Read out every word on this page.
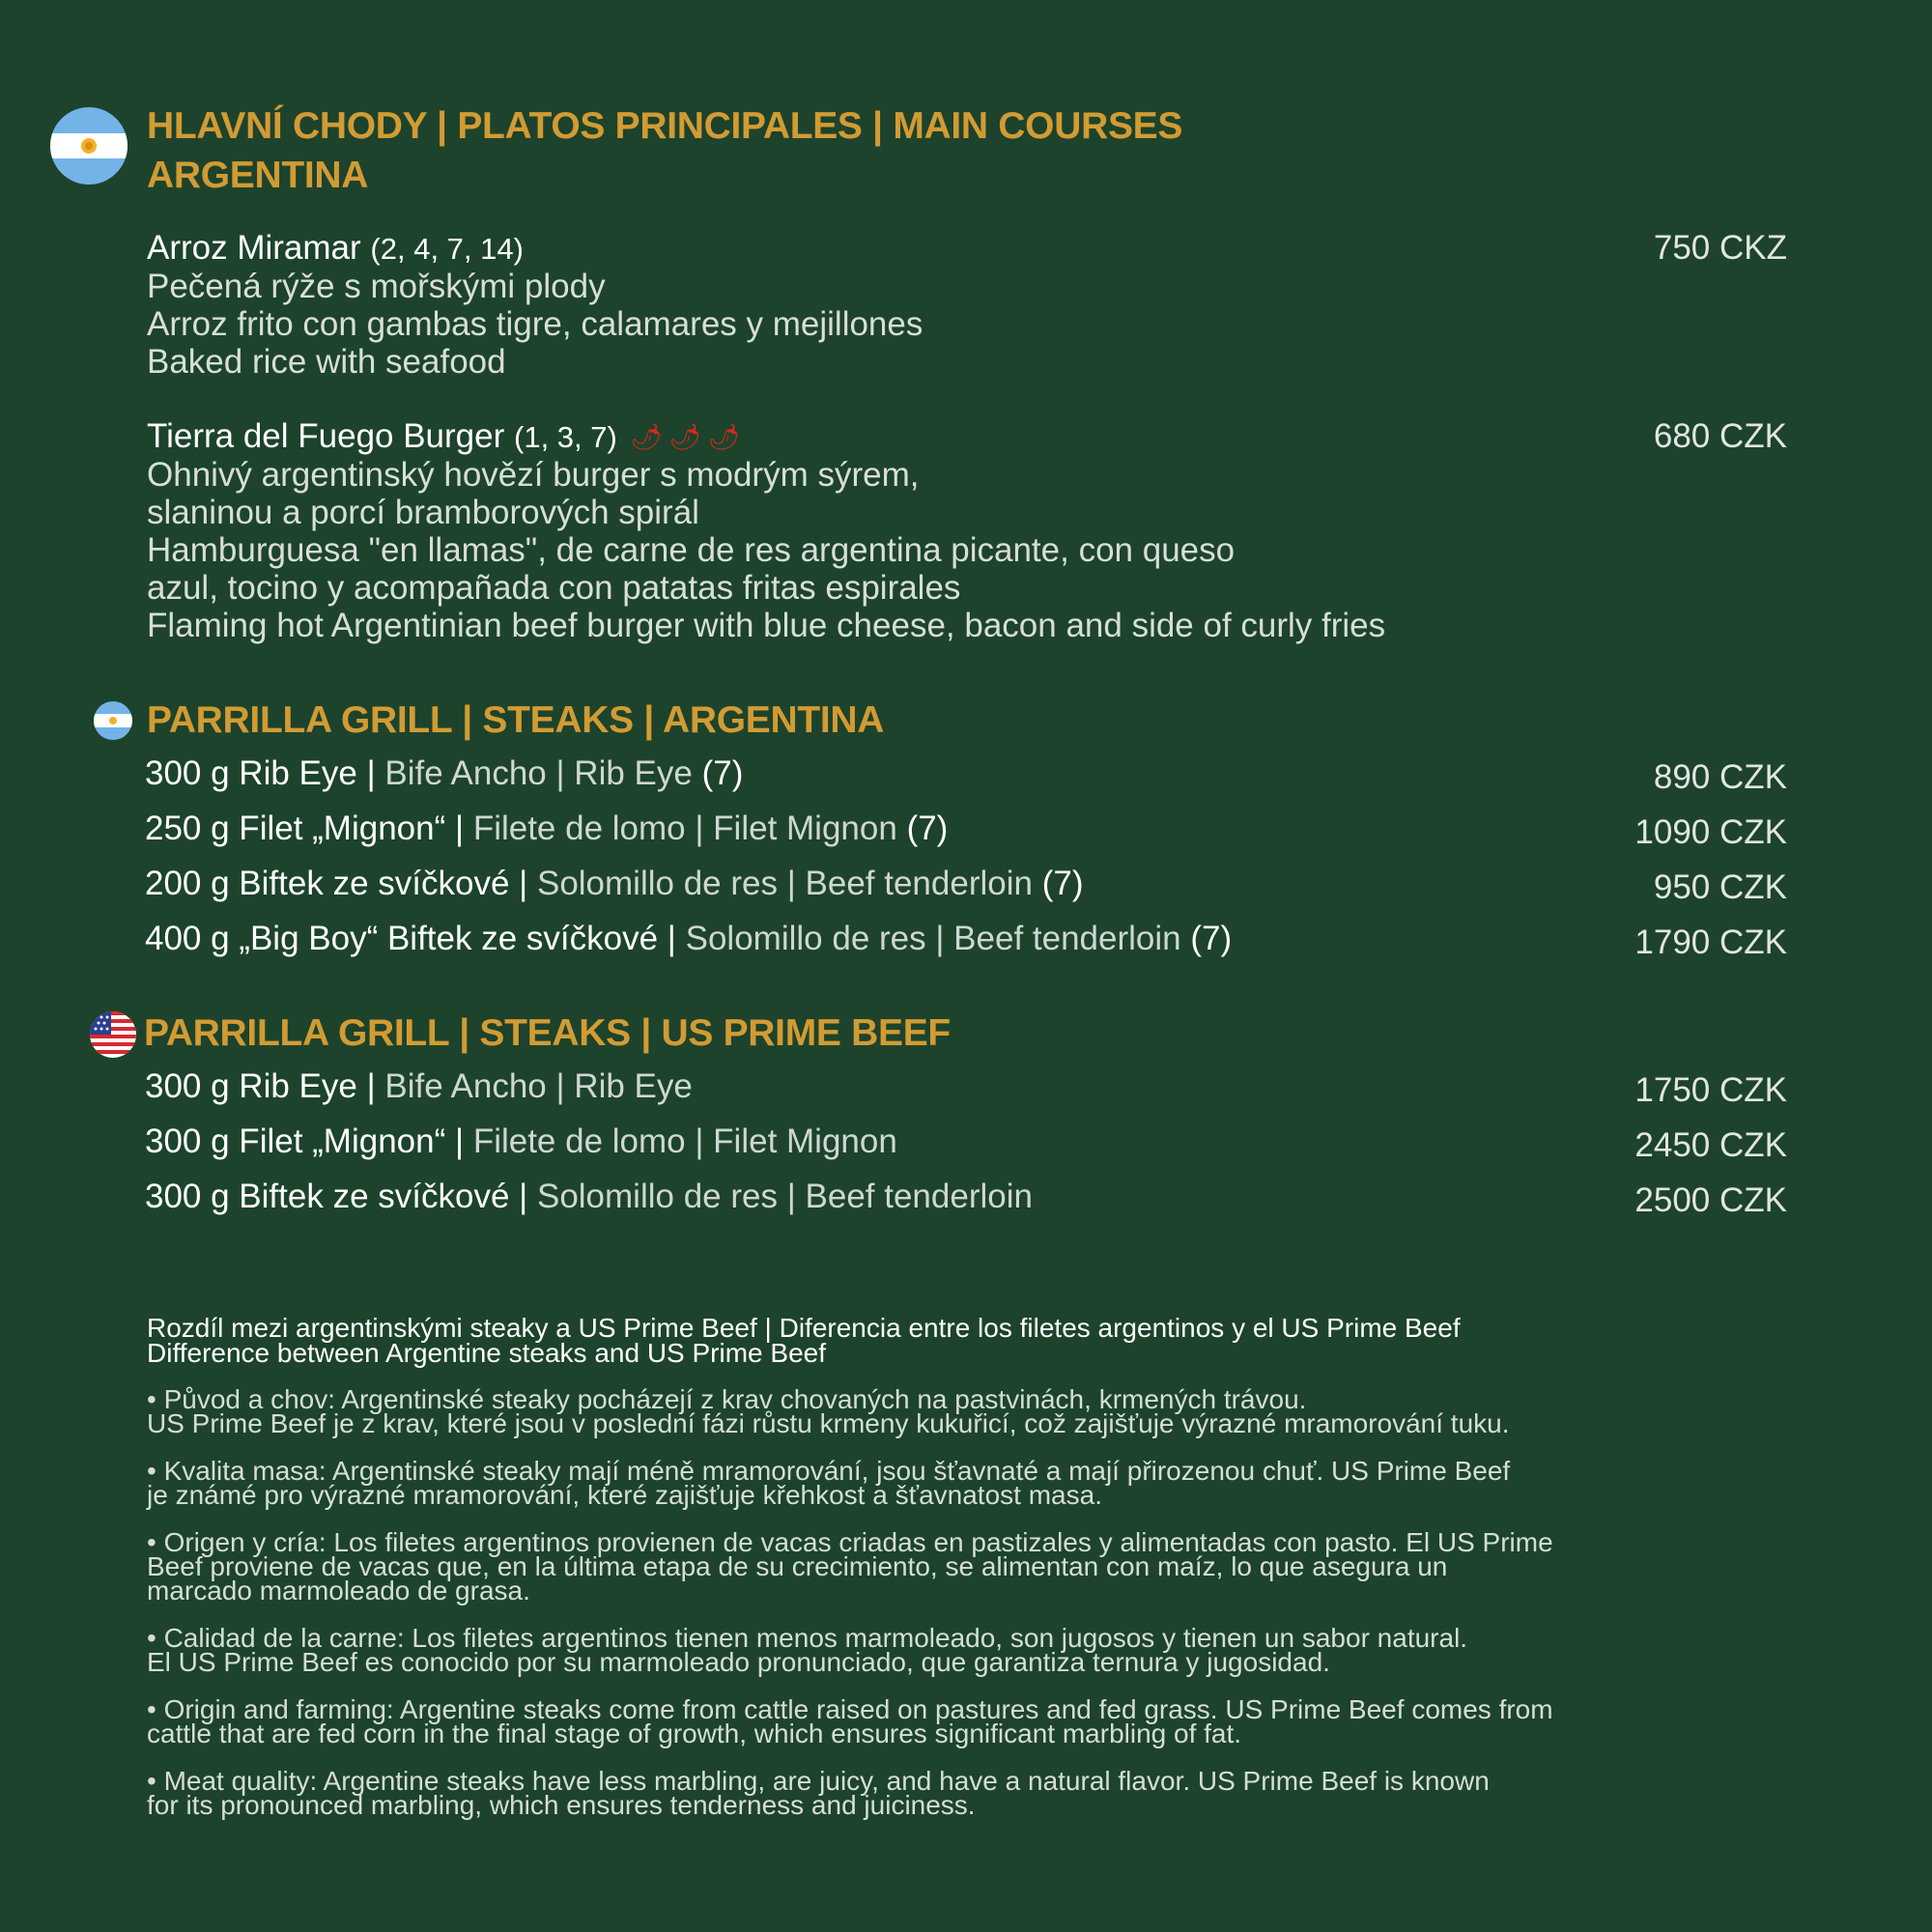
HLAVNÍ CHODY | PLATOS PRINCIPALES | MAIN COURSES
ARGENTINA
Arroz Miramar (2, 4, 7, 14)
Pečená rýže s mořskými plody
Arroz frito con gambas tigre, calamares y mejillones
Baked rice with seafood
750 CKZ
Tierra del Fuego Burger (1, 3, 7) 🌶 🌶 🌶
Ohnivý argentinský hovězí burger s modrým sýrem,
slaninou a porcí bramborových spirál
Hamburguesa "en llamas", de carne de res argentina picante, con queso
azul, tocino y acompañada con patatas fritas espirales
Flaming hot Argentinian beef burger with blue cheese, bacon and side of curly fries
680 CZK
PARRILLA GRILL | STEAKS | ARGENTINA
300 g Rib Eye | Bife Ancho | Rib Eye (7)	890 CZK
250 g Filet „Mignon“ | Filete de lomo | Filet Mignon (7)	1090 CZK
200 g Biftek ze svíčkové | Solomillo de res | Beef tenderloin (7)	950 CZK
400 g „Big Boy“ Biftek ze svíčkové | Solomillo de res | Beef tenderloin (7)	1790 CZK
PARRILLA GRILL | STEAKS | US PRIME BEEF
300 g Rib Eye | Bife Ancho | Rib Eye	1750 CZK
300 g Filet „Mignon“ | Filete de lomo | Filet Mignon	2450 CZK
300 g Biftek ze svíčkové | Solomillo de res | Beef tenderloin	2500 CZK
Rozdíl mezi argentinskými steaky a US Prime Beef | Diferencia entre los filetes argentinos y el US Prime Beef
Difference between Argentine steaks and US Prime Beef
• Původ a chov: Argentinské steaky pocházejí z krav chovaných na pastvinách, krmených trávou.
US Prime Beef je z krav, které jsou v poslední fázi růstu krmeny kukuřicí, což zajišťuje výrazné mramorování tuku.
• Kvalita masa: Argentinské steaky mají méně mramorování, jsou šťavnaté a mají přirozenou chuť. US Prime Beef
je známé pro výrazné mramorování, které zajišťuje křehkost a šťavnatost masa.
• Origen y cría: Los filetes argentinos provienen de vacas criadas en pastizales y alimentadas con pasto. El US Prime
Beef proviene de vacas que, en la última etapa de su crecimiento, se alimentan con maíz, lo que asegura un
marcado marmoleado de grasa.
• Calidad de la carne: Los filetes argentinos tienen menos marmoleado, son jugosos y tienen un sabor natural.
El US Prime Beef es conocido por su marmoleado pronunciado, que garantiza ternura y jugosidad.
• Origin and farming: Argentine steaks come from cattle raised on pastures and fed grass. US Prime Beef comes from
cattle that are fed corn in the final stage of growth, which ensures significant marbling of fat.
• Meat quality: Argentine steaks have less marbling, are juicy, and have a natural flavor. US Prime Beef is known
for its pronounced marbling, which ensures tenderness and juiciness.
